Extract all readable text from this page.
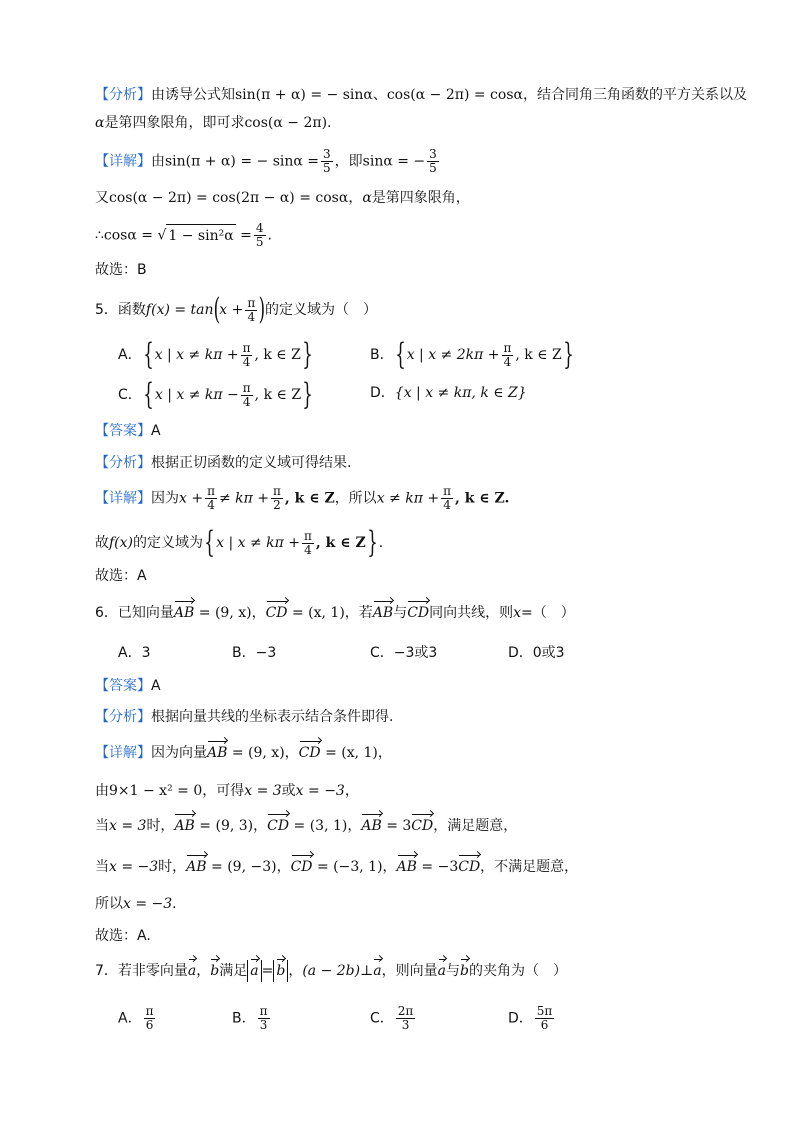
【分析】由诱导公式知sin(π + α) = − sinα、cos(α − 2π) = cosα，结合同角三角函数的平方关系以及
α是第四象限角，即可求cos(α − 2π).
【详解】由sin(π + α) = − $\sin\alpha = \frac{3}{5}$ ，即sinα = − $\frac{3}{5}$
又cos(α − 2π) = cos(2π − α) = cosα，α是第四象限角，
∴cosα = √ $1 - \sin^2\alpha = \frac{4}{5}$ .
故选：B
5．函数$f(x) = \tan(x + \frac{\pi}{4}$ )的定义域为（　）
A．{x | $x \ne k\pi + \frac{\pi}{4}$ , k ∈ Z}	B．{x | $x \ne 2k\pi + \frac{\pi}{4}$ , k ∈ Z}
C．{x | $x \ne k\pi - \frac{\pi}{4}$ , k ∈ Z}	D．{x | x ≠ kπ, k ∈ Z}
【答案】A
【分析】根据正切函数的定义域可得结果.
【详解】因为$x + \frac{\pi}{4} \ne k\pi + \frac{\pi}{2}$ , k ∈ Z，所以$x \ne k\pi + \frac{\pi}{4}$ , k ∈ Z.
故f(x)的定义域为{x | $x \ne k\pi + \frac{\pi}{4}$ , k ∈ Z}.
故选：A
6．已知向量AB = (9, x)，CD = (x, 1)，若AB与CD同向共线，则x=（　）
A．3	B．−3	C．−3或3	D．0或3
【答案】A
【分析】根据向量共线的坐标表示结合条件即得.
【详解】因为向量AB = (9, x)，CD = (x, 1)，
由9×1 − x² = 0，可得x = 3或x = −3，
当x = 3时，AB = (9, 3)，CD = (3, 1)，AB = 3CD，满足题意，
当x = −3时，AB = (9, −3)，CD = (−3, 1)，AB = −3CD，不满足题意，
所以x = −3.
故选：A.
7．若非零向量a，b满足 a = b ，(a − 2b)⊥a，则向量a与b的夹角为（　）
A． $\frac{\pi}{6}$	B． $\frac{\pi}{3}$	C． $\frac{2\pi}{3}$	D． $\frac{5\pi}{6}$
